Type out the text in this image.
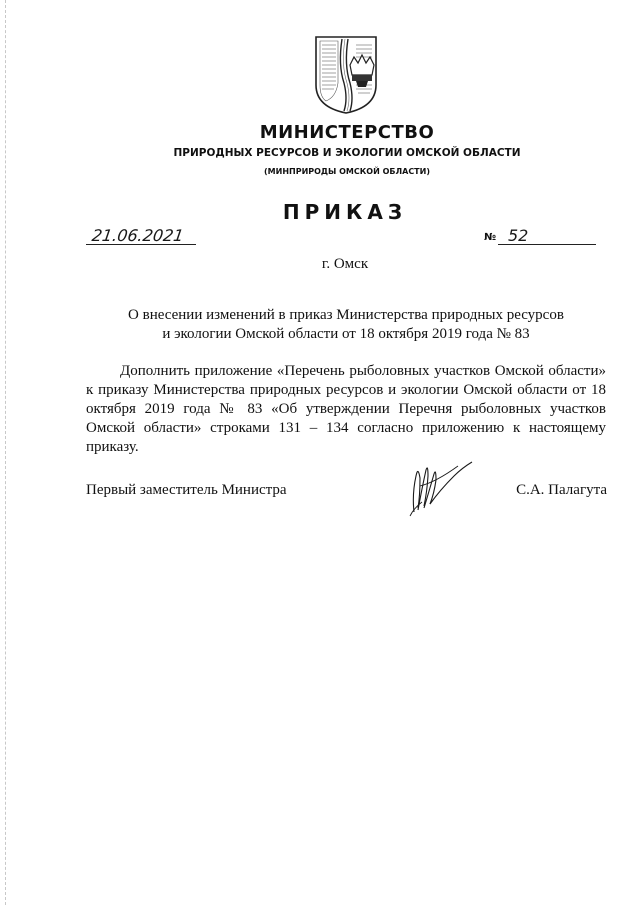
МИНИСТЕРСТВО
ПРИРОДНЫХ РЕСУРСОВ И ЭКОЛОГИИ ОМСКОЙ ОБЛАСТИ
(МИНПРИРОДЫ ОМСКОЙ ОБЛАСТИ)
ПРИКАЗ
21.06.2021	№ 52
г. Омск
О внесении изменений в приказ Министерства природных ресурсов
и экологии Омской области от 18 октября 2019 года № 83
Дополнить приложение «Перечень рыболовных участков Омской области» к приказу Министерства природных ресурсов и экологии Омской области от 18 октября 2019 года № 83 «Об утверждении Перечня рыболовных участков Омской области» строками 131 – 134 согласно приложению к настоящему приказу.
Первый заместитель Министра	С.А. Палагута
